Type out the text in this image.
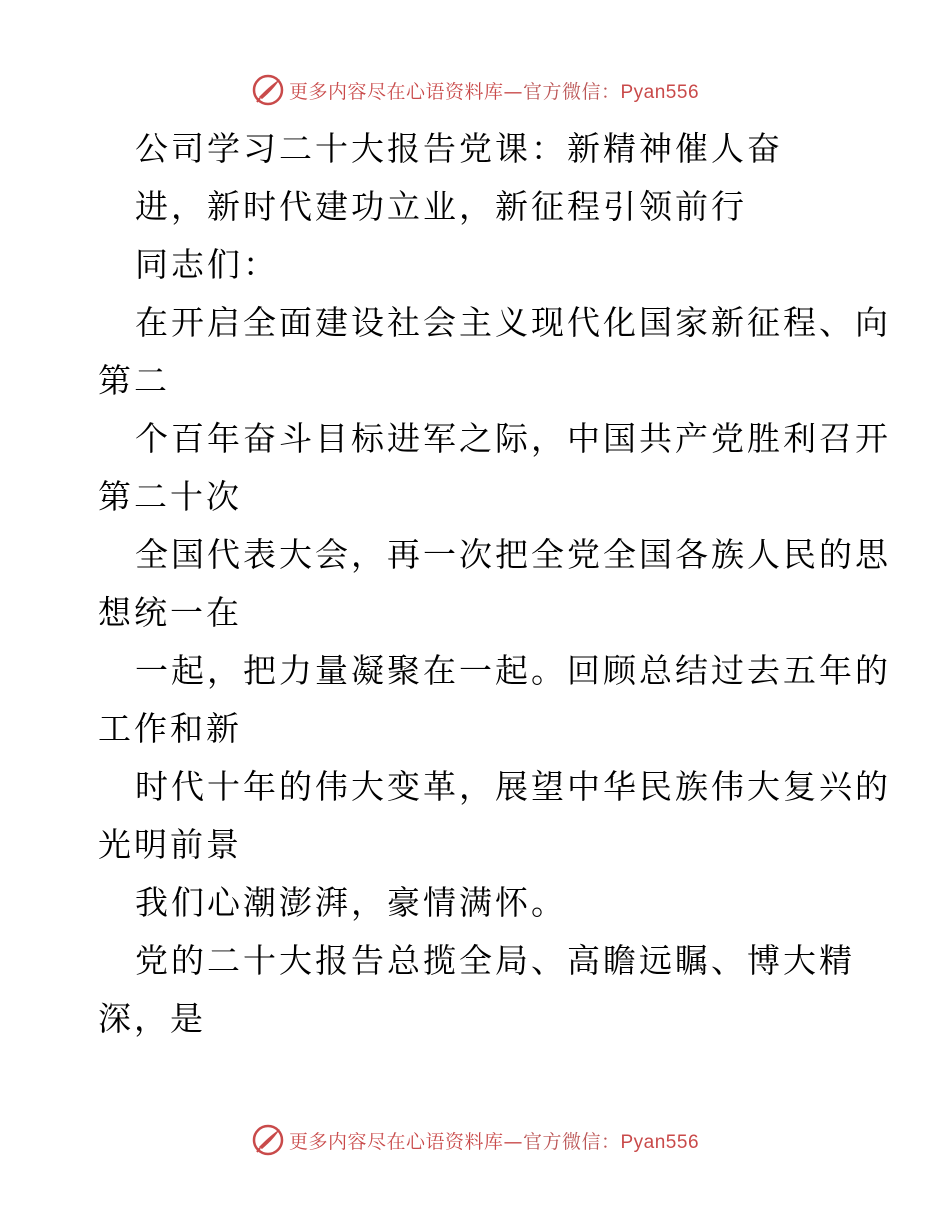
更多内容尽在心语资料库—官方微信：Pyan556
公司学习二十大报告党课：新精神催人奋
进，新时代建功立业，新征程引领前行
同志们：
在开启全面建设社会主义现代化国家新征程、向
第二
个百年奋斗目标进军之际，中国共产党胜利召开
第二十次
全国代表大会，再一次把全党全国各族人民的思
想统一在
一起，把力量凝聚在一起。回顾总结过去五年的
工作和新
时代十年的伟大变革，展望中华民族伟大复兴的
光明前景
我们心潮澎湃，豪情满怀。
党的二十大报告总揽全局、高瞻远瞩、博大精
深，是
更多内容尽在心语资料库—官方微信：Pyan556
